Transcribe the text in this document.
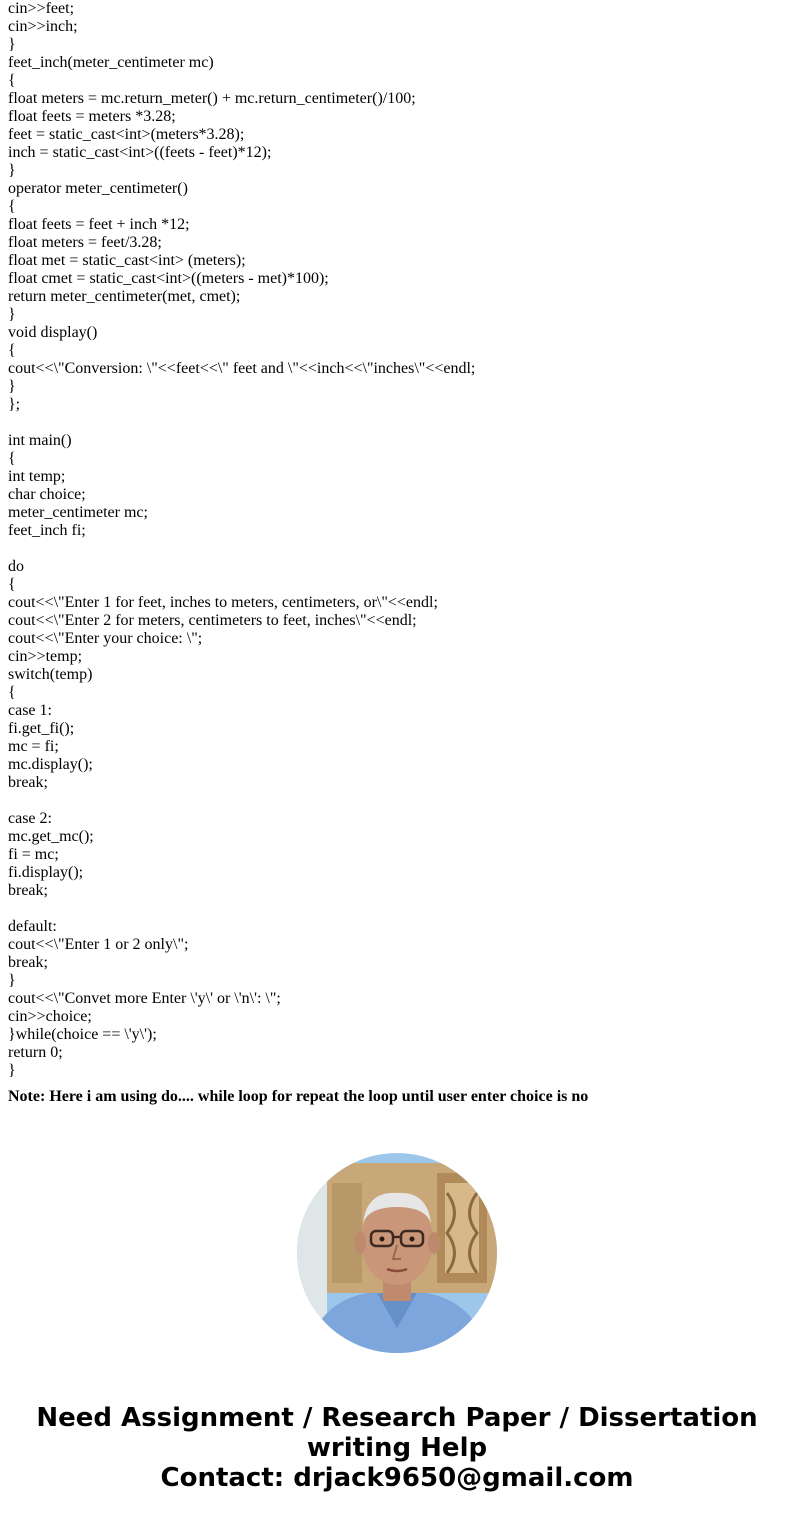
cin>>feet;
cin>>inch;
}
feet_inch(meter_centimeter mc)
{
float meters = mc.return_meter() + mc.return_centimeter()/100;
float feets = meters *3.28;
feet = static_cast<int>(meters*3.28);
inch = static_cast<int>((feets - feet)*12);
}
operator meter_centimeter()
{
float feets = feet + inch *12;
float meters = feet/3.28;
float met = static_cast<int> (meters);
float cmet = static_cast<int>((meters - met)*100);
return meter_centimeter(met, cmet);
}
void display()
{
cout<<\"Conversion: \"<<feet<<\" feet and \"<<inch<<\"inches\"<<endl;
}
};
int main()
{
int temp;
char choice;
meter_centimeter mc;
feet_inch fi;
do
{
cout<<\"Enter 1 for feet, inches to meters, centimeters, or\"<<endl;
cout<<\"Enter 2 for meters, centimeters to feet, inches\"<<endl;
cout<<\"Enter your choice: \";
cin>>temp;
switch(temp)
{
case 1:
fi.get_fi();
mc = fi;
mc.display();
break;
case 2:
mc.get_mc();
fi = mc;
fi.display();
break;
default:
cout<<\"Enter 1 or 2 only\";
break;
}
cout<<\"Convet more Enter \'y\' or \'n\': \";
cin>>choice;
}while(choice == \'y\');
return 0;
}
Note: Here i am using do.... while loop for repeat the loop until user enter choice is no
Need Assignment / Research Paper / Dissertation
writing Help
Contact: drjack9650@gmail.com
